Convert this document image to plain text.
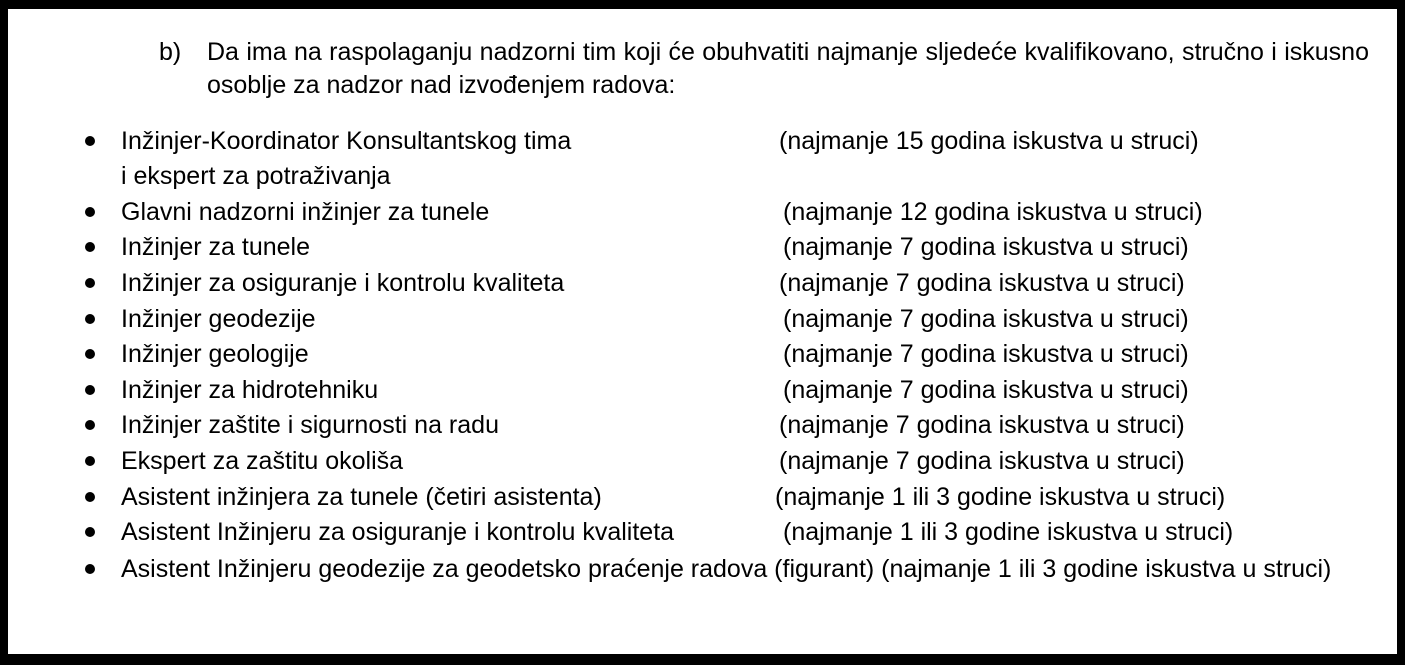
b) Da ima na raspolaganju nadzorni tim koji će obuhvatiti najmanje sljedeće kvalifikovano, stručno i iskusno osoblje za nadzor nad izvođenjem radova:
Inžinjer-Koordinator Konsultantskog tima	(najmanje 15 godina iskustva u struci)
i ekspert za potraživanja
Glavni nadzorni inžinjer za tunele	(najmanje 12 godina iskustva u struci)
Inžinjer za tunele	(najmanje 7 godina iskustva u struci)
Inžinjer za osiguranje i kontrolu kvaliteta	(najmanje 7 godina iskustva u struci)
Inžinjer geodezije	(najmanje 7 godina iskustva u struci)
Inžinjer geologije	(najmanje 7 godina iskustva u struci)
Inžinjer za hidrotehniku	(najmanje 7 godina iskustva u struci)
Inžinjer zaštite i sigurnosti na radu	(najmanje 7 godina iskustva u struci)
Ekspert za zaštitu okoliša	(najmanje 7 godina iskustva u struci)
Asistent inžinjera za tunele (četiri asistenta)	(najmanje 1 ili 3 godine iskustva u struci)
Asistent Inžinjeru za osiguranje i kontrolu kvaliteta	(najmanje 1 ili 3 godine iskustva u struci)
Asistent Inžinjeru geodezije za geodetsko praćenje radova (figurant) (najmanje 1 ili 3 godine iskustva u struci)
